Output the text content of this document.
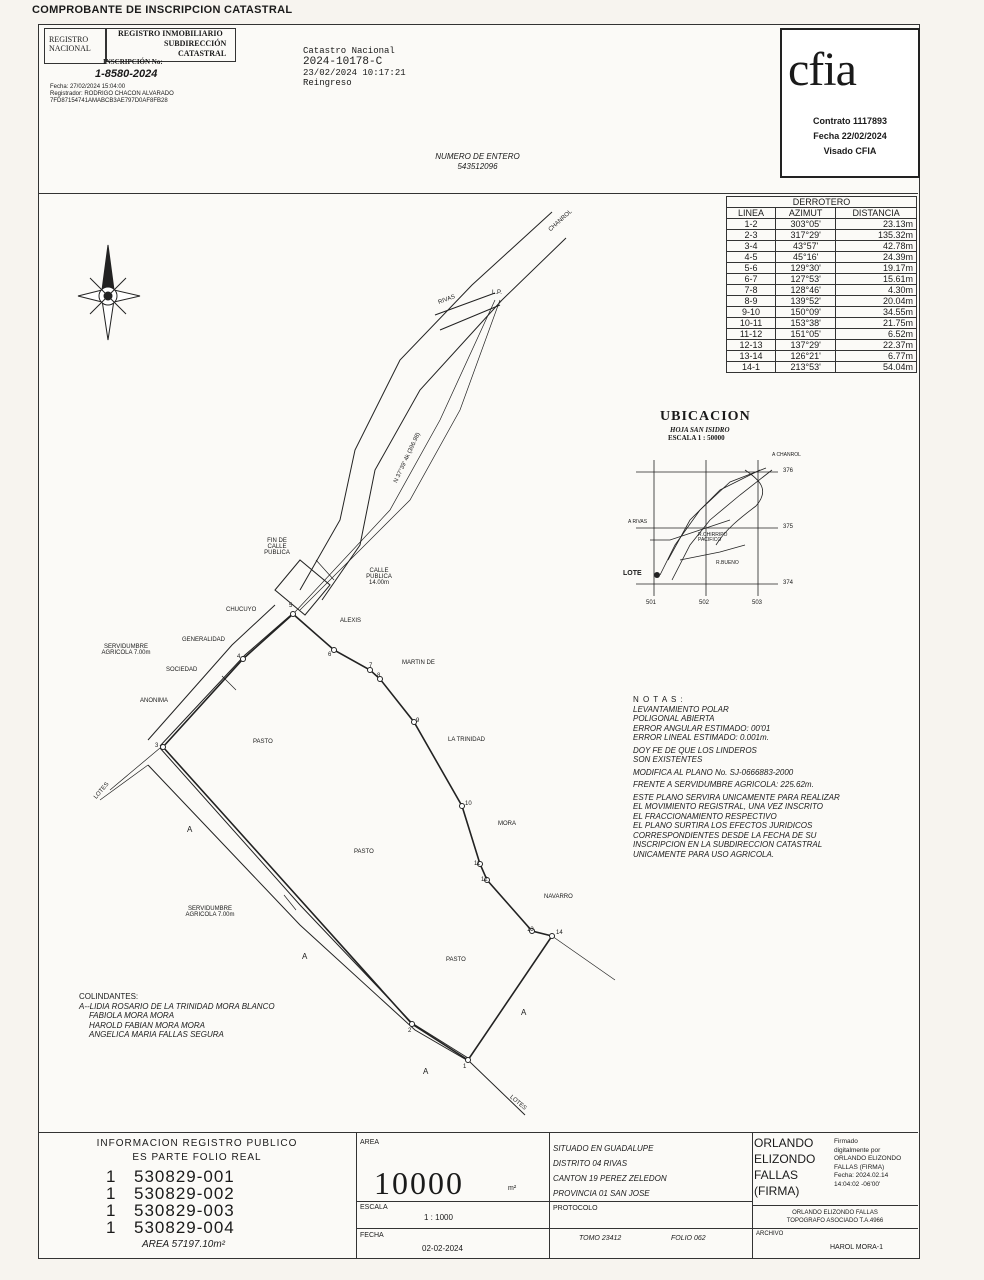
COMPROBANTE DE INSCRIPCION CATASTRAL
REGISTRO NACIONAL
REGISTRO INMOBILIARIO
SUBDIRECCIÓN
CATASTRAL
INSCRIPCIÓN No:
1-8580-2024
Fecha: 27/02/2024 15:04:00
Registrador: RODRIGO CHACON ALVARADO
7FD87154741AMABCB3AE797D0AF8FB28
Catastro Nacional
2024-10178-C
23/02/2024 10:17:21
Reingreso	cfia
Contrato 1117893
Fecha 22/02/2024
Visado CFIA
NUMERO DE ENTERO
543512096
DERROTERO		
LINEA	AZIMUT	DISTANCIA
1-2	303°05'	23.13m
2-3	317°29'	135.32m
3-4	43°57'	42.78m
4-5	45°16'	24.39m
5-6	129°30'	19.17m
6-7	127°53'	15.61m
7-8	128°46'	4.30m
8-9	139°52'	20.04m
9-10	150°09'	34.55m
10-11	153°38'	21.75m
11-12	151°05'	6.52m
12-13	137°29'	22.37m
13-14	126°21'	6.77m
14-1	213°53'	54.04m
RIVAS
CHANROL
L.P.
N 37°39' 4k (396.98)
FIN DE CALLE PUBLICA
CALLE PUBLICA 14.00m
SERVIDUMBRE AGRICOLA 7.00m
SERVIDUMBRE AGRICOLA 7.00m
CHUCUYO
GENERALIDAD
SOCIEDAD
ANONIMA
ALEXIS
MARTIN DE
LA TRINIDAD
MORA
NAVARRO
PASTO
PASTO
PASTO
LOTES
LOTES
A
A
A
A	1
2
3
4
5
6
7
8
9
10
11
12
13	14
UBICACION
HOJA SAN ISIDRO
ESCALA 1 : 50000
376
375
374
501	502	503
LOTE
A CHANROL
A RIVAS
R.CHIRRIPO PACIFICO
R.BUENO
N O T A S :
LEVANTAMIENTO POLAR
POLIGONAL ABIERTA
ERROR ANGULAR ESTIMADO: 00'01
ERROR LINEAL ESTIMADO: 0.001m.
DOY FE DE QUE LOS LINDEROS
SON EXISTENTES
MODIFICA AL PLANO No. SJ-0666883-2000
FRENTE A SERVIDUMBRE AGRICOLA: 225.62m.
ESTE PLANO SERVIRA UNICAMENTE PARA REALIZAR
EL MOVIMIENTO REGISTRAL, UNA VEZ INSCRITO
EL FRACCIONAMIENTO RESPECTIVO
EL PLANO SURTIRA LOS EFECTOS JURIDICOS
CORRESPONDIENTES DESDE LA FECHA DE SU
INSCRIPCION EN LA SUBDIRECCION CATASTRAL
UNICAMENTE PARA USO AGRICOLA.
COLINDANTES:
A--LIDIA ROSARIO DE LA TRINIDAD MORA BLANCO
FABIOLA MORA MORA
HAROLD FABIAN MORA MORA
ANGELICA MARIA FALLAS SEGURA
INFORMACION REGISTRO PUBLICO
ES PARTE FOLIO REAL
1 530829-001
1 530829-002
1 530829-003
1 530829-004
AREA 57197.10m²
AREA
10000	m²
ESCALA
1 : 1000
FECHA
02-02-2024
SITUADO EN GUADALUPE
DISTRITO 04 RIVAS
CANTON 19 PEREZ ZELEDON
PROVINCIA 01 SAN JOSE
PROTOCOLO
TOMO 23412	FOLIO 062
ORLANDO
ELIZONDO
FALLAS
(FIRMA)
Firmado
digitalmente por
ORLANDO ELIZONDO
FALLAS (FIRMA)
Fecha: 2024.02.14
14:04:02 -06'00'
ORLANDO ELIZONDO FALLAS
TOPOGRAFO ASOCIADO T.A.4966
ARCHIVO
HAROL MORA-1
